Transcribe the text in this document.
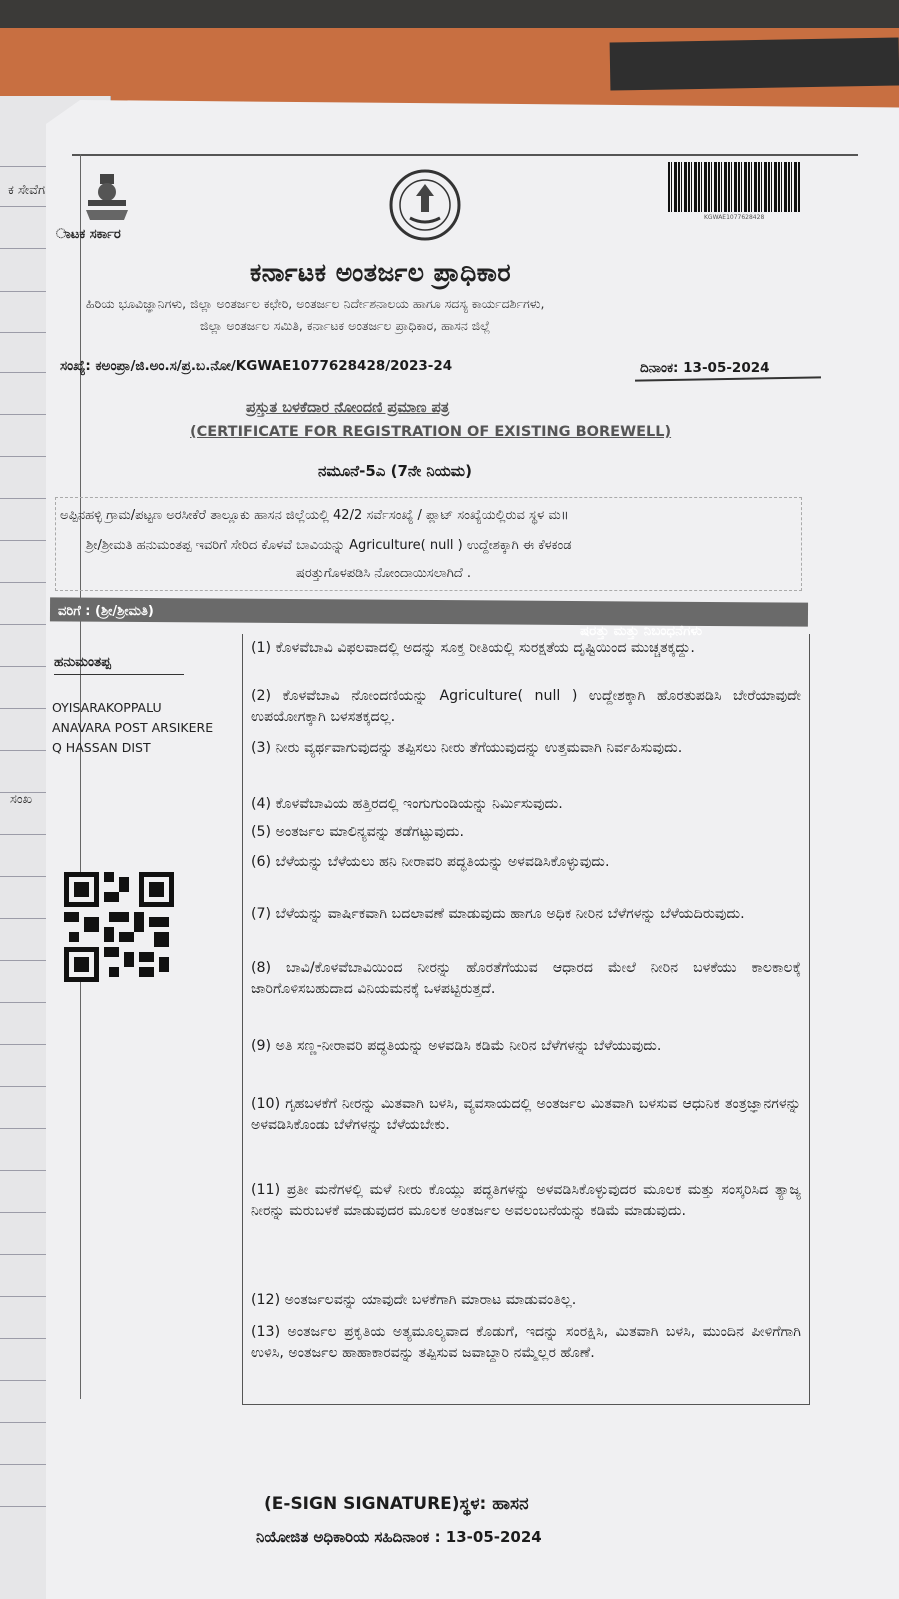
ಕ ಸೇವೆಗ
ಾಟಕ ಸರ್ಕಾರ
KGWAE1077628428
ಕರ್ನಾಟಕ ಅಂತರ್ಜಲ ಪ್ರಾಧಿಕಾರ
ಹಿರಿಯ ಭೂವಿಜ್ಞಾನಿಗಳು, ಜಿಲ್ಲಾ ಅಂತರ್ಜಲ ಕಛೇರಿ, ಅಂತರ್ಜಲ ನಿರ್ದೇಶನಾಲಯ ಹಾಗೂ ಸದಸ್ಯ ಕಾರ್ಯದರ್ಶಿಗಳು,
ಜಿಲ್ಲಾ ಅಂತರ್ಜಲ ಸಮಿತಿ, ಕರ್ನಾಟಕ ಅಂತರ್ಜಲ ಪ್ರಾಧಿಕಾರ, ಹಾಸನ ಜಿಲ್ಲೆ
ಸಂಖ್ಯೆ: ಕಅಂಪ್ರಾ/ಜಿ.ಅಂ.ಸ/ಪ್ರ.ಬ.ನೋ/KGWAE1077628428/2023-24	ದಿನಾಂಕ: 13-05-2024
ಪ್ರಸ್ತುತ ಬಳಕೆದಾರ ನೋಂದಣಿ ಪ್ರಮಾಣ ಪತ್ರ
(CERTIFICATE FOR REGISTRATION OF EXISTING BOREWELL)
ನಮೂನೆ-5ಎ (7ನೇ ನಿಯಮ)
ಅಪ್ಪಿನಹಳ್ಳಿ ಗ್ರಾಮ/ಪಟ್ಟಣ ಅರಸೀಕೆರೆ ತಾಲ್ಲೂಕು ಹಾಸನ ಜಿಲ್ಲೆಯಲ್ಲಿ 42/2 ಸರ್ವೆಸಂಖ್ಯೆ / ಪ್ಲಾಟ್ ಸಂಖ್ಯೆಯಲ್ಲಿರುವ ಸ್ಥಳ ಮ॥
ಶ್ರೀ/ಶ್ರೀಮತಿ ಹನುಮಂತಪ್ಪ ಇವರಿಗೆ ಸೇರಿದ ಕೊಳವೆ ಬಾವಿಯನ್ನು Agriculture( null ) ಉದ್ದೇಶಕ್ಕಾಗಿ ಈ ಕೆಳಕಂಡ
ಷರತ್ತುಗೊಳಪಡಿಸಿ ನೋಂದಾಯಿಸಲಾಗಿದೆ .
ವರಿಗೆ : (ಶ್ರೀ/ಶ್ರೀಮತಿ)
ಷರತ್ತು ಮತ್ತು ನಿಬಂಧನೆಗಳು
ಹನುಮಂತಪ್ಪ
OYISARAKOPPALU
ANAVARA POST ARSIKERE
Q HASSAN DIST
ಸಂಖ
(1) ಕೊಳವೆಬಾವಿ ವಿಫಲವಾದಲ್ಲಿ ಅದನ್ನು ಸೂಕ್ತ ರೀತಿಯಲ್ಲಿ ಸುರಕ್ಷತೆಯ ದೃಷ್ಟಿಯಿಂದ ಮುಚ್ಚತಕ್ಕದ್ದು.
(2) ಕೊಳವೆಬಾವಿ ನೋಂದಣಿಯನ್ನು Agriculture( null ) ಉದ್ದೇಶಕ್ಕಾಗಿ ಹೊರತುಪಡಿಸಿ ಬೇರೆಯಾವುದೇ ಉಪಯೋಗಕ್ಕಾಗಿ ಬಳಸತಕ್ಕದಲ್ಲ.
(3) ನೀರು ವ್ಯರ್ಥವಾಗುವುದನ್ನು ತಪ್ಪಿಸಲು ನೀರು ತೆಗೆಯುವುದನ್ನು ಉತ್ತಮವಾಗಿ ನಿರ್ವಹಿಸುವುದು.
(4) ಕೊಳವೆಬಾವಿಯ ಹತ್ತಿರದಲ್ಲಿ ಇಂಗುಗುಂಡಿಯನ್ನು ನಿರ್ಮಿಸುವುದು.
(5) ಅಂತರ್ಜಲ ಮಾಲಿನ್ಯವನ್ನು ತಡೆಗಟ್ಟುವುದು.
(6) ಬೆಳೆಯನ್ನು ಬೆಳೆಯಲು ಹನಿ ನೀರಾವರಿ ಪದ್ಧತಿಯನ್ನು ಅಳವಡಿಸಿಕೊಳ್ಳುವುದು.
(7) ಬೆಳೆಯನ್ನು ವಾರ್ಷಿಕವಾಗಿ ಬದಲಾವಣೆ ಮಾಡುವುದು ಹಾಗೂ ಅಧಿಕ ನೀರಿನ ಬೆಳೆಗಳನ್ನು ಬೆಳೆಯದಿರುವುದು.
(8) ಬಾವಿ/ಕೊಳವೆಬಾವಿಯಿಂದ ನೀರನ್ನು ಹೊರತೆಗೆಯುವ ಆಧಾರದ ಮೇಲೆ ನೀರಿನ ಬಳಕೆಯು ಕಾಲಕಾಲಕ್ಕೆ ಜಾರಿಗೊಳಿಸಬಹುದಾದ ವಿನಿಯಮನಕ್ಕೆ ಒಳಪಟ್ಟಿರುತ್ತದೆ.
(9) ಅತಿ ಸಣ್ಣ-ನೀರಾವರಿ ಪದ್ಧತಿಯನ್ನು ಅಳವಡಿಸಿ ಕಡಿಮೆ ನೀರಿನ ಬೆಳೆಗಳನ್ನು ಬೆಳೆಯುವುದು.
(10) ಗೃಹಬಳಕೆಗೆ ನೀರನ್ನು ಮಿತವಾಗಿ ಬಳಸಿ, ವ್ಯವಸಾಯದಲ್ಲಿ ಅಂತರ್ಜಲ ಮಿತವಾಗಿ ಬಳಸುವ ಆಧುನಿಕ ತಂತ್ರಜ್ಞಾನಗಳನ್ನು ಅಳವಡಿಸಿಕೊಂಡು ಬೆಳೆಗಳನ್ನು ಬೆಳೆಯಬೇಕು.
(11) ಪ್ರತೀ ಮನೆಗಳಲ್ಲಿ ಮಳೆ ನೀರು ಕೊಯ್ಲು ಪದ್ಧತಿಗಳನ್ನು ಅಳವಡಿಸಿಕೊಳ್ಳುವುದರ ಮೂಲಕ ಮತ್ತು ಸಂಸ್ಕರಿಸಿದ ತ್ಯಾಜ್ಯ ನೀರನ್ನು ಮರುಬಳಕೆ ಮಾಡುವುದರ ಮೂಲಕ ಅಂತರ್ಜಲ ಅವಲಂಬನೆಯನ್ನು ಕಡಿಮೆ ಮಾಡುವುದು.
(12) ಅಂತರ್ಜಲವನ್ನು ಯಾವುದೇ ಬಳಕೆಗಾಗಿ ಮಾರಾಟ ಮಾಡುವಂತಿಲ್ಲ.
(13) ಅಂತರ್ಜಲ ಪ್ರಕೃತಿಯ ಅತ್ಯಮೂಲ್ಯವಾದ ಕೊಡುಗೆ, ಇದನ್ನು ಸಂರಕ್ಷಿಸಿ, ಮಿತವಾಗಿ ಬಳಸಿ, ಮುಂದಿನ ಪೀಳಿಗೆಗಾಗಿ ಉಳಿಸಿ, ಅಂತರ್ಜಲ ಹಾಹಾಕಾರವನ್ನು ತಪ್ಪಿಸುವ ಜವಾಬ್ದಾರಿ ನಮ್ಮೆಲ್ಲರ ಹೊಣೆ.
(E-SIGN SIGNATURE)ಸ್ಥಳ: ಹಾಸನ
ನಿಯೋಜಿತ ಅಧಿಕಾರಿಯ ಸಹಿದಿನಾಂಕ : 13-05-2024
